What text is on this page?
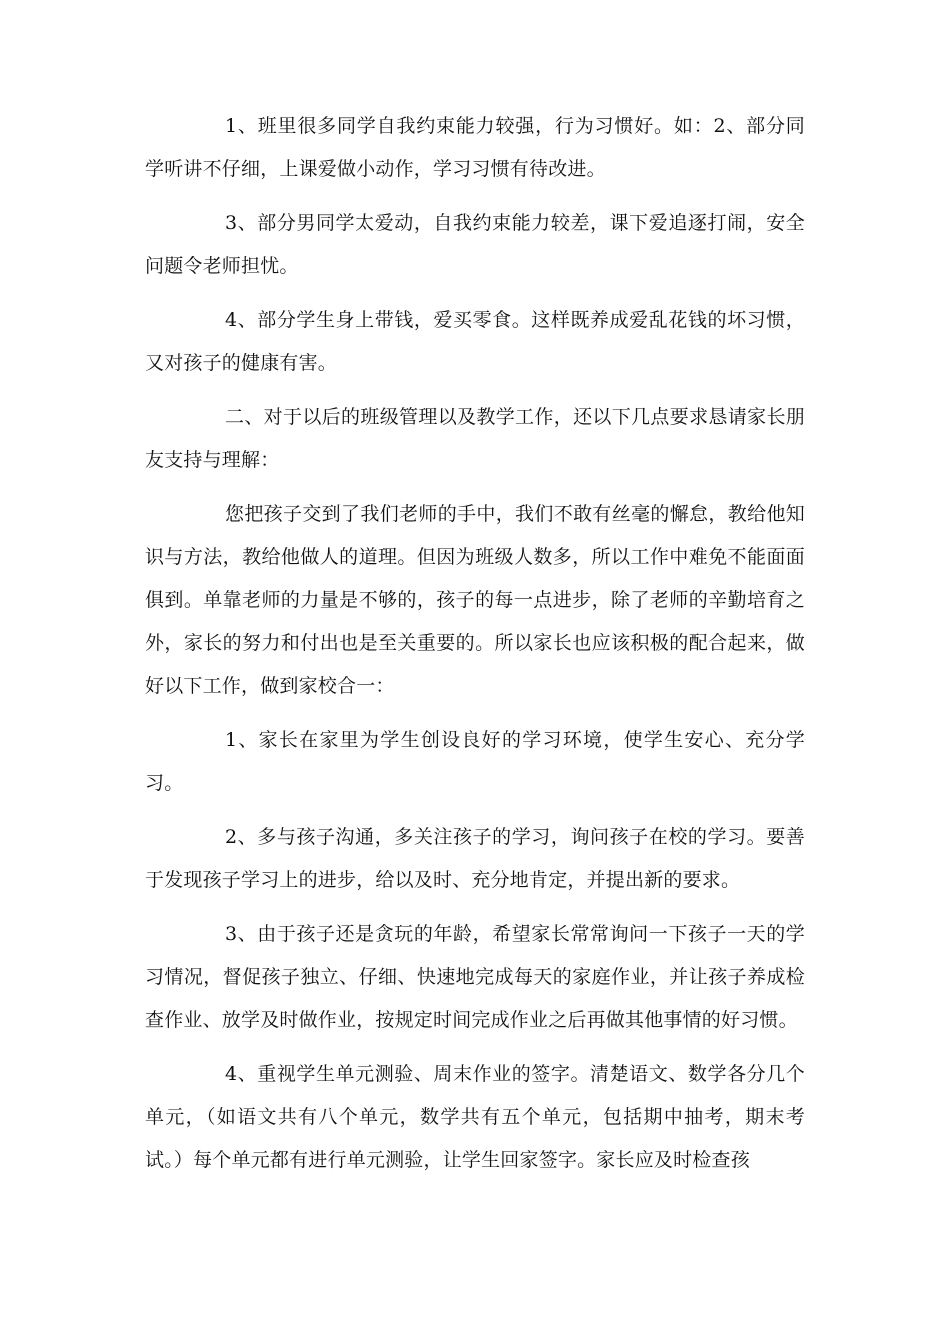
1、班里很多同学自我约束能力较强，行为习惯好。如：2、部分同学听讲不仔细，上课爱做小动作，学习习惯有待改进。

3、部分男同学太爱动，自我约束能力较差，课下爱追逐打闹，安全问题令老师担忧。

4、部分学生身上带钱，爱买零食。这样既养成爱乱花钱的坏习惯，又对孩子的健康有害。

二、对于以后的班级管理以及教学工作，还以下几点要求恳请家长朋友支持与理解：

您把孩子交到了我们老师的手中，我们不敢有丝毫的懈怠，教给他知识与方法，教给他做人的道理。但因为班级人数多，所以工作中难免不能面面俱到。单靠老师的力量是不够的，孩子的每一点进步，除了老师的辛勤培育之外，家长的努力和付出也是至关重要的。所以家长也应该积极的配合起来，做好以下工作，做到家校合一：

1、家长在家里为学生创设良好的学习环境，使学生安心、充分学习。

2、多与孩子沟通，多关注孩子的学习，询问孩子在校的学习。要善于发现孩子学习上的进步，给以及时、充分地肯定，并提出新的要求。

3、由于孩子还是贪玩的年龄，希望家长常常询问一下孩子一天的学习情况，督促孩子独立、仔细、快速地完成每天的家庭作业，并让孩子养成检查作业、放学及时做作业，按规定时间完成作业之后再做其他事情的好习惯。

4、重视学生单元测验、周末作业的签字。清楚语文、数学各分几个单元，（如语文共有八个单元，数学共有五个单元，包括期中抽考，期末考试。）每个单元都有进行单元测验，让学生回家签字。家长应及时检查孩
